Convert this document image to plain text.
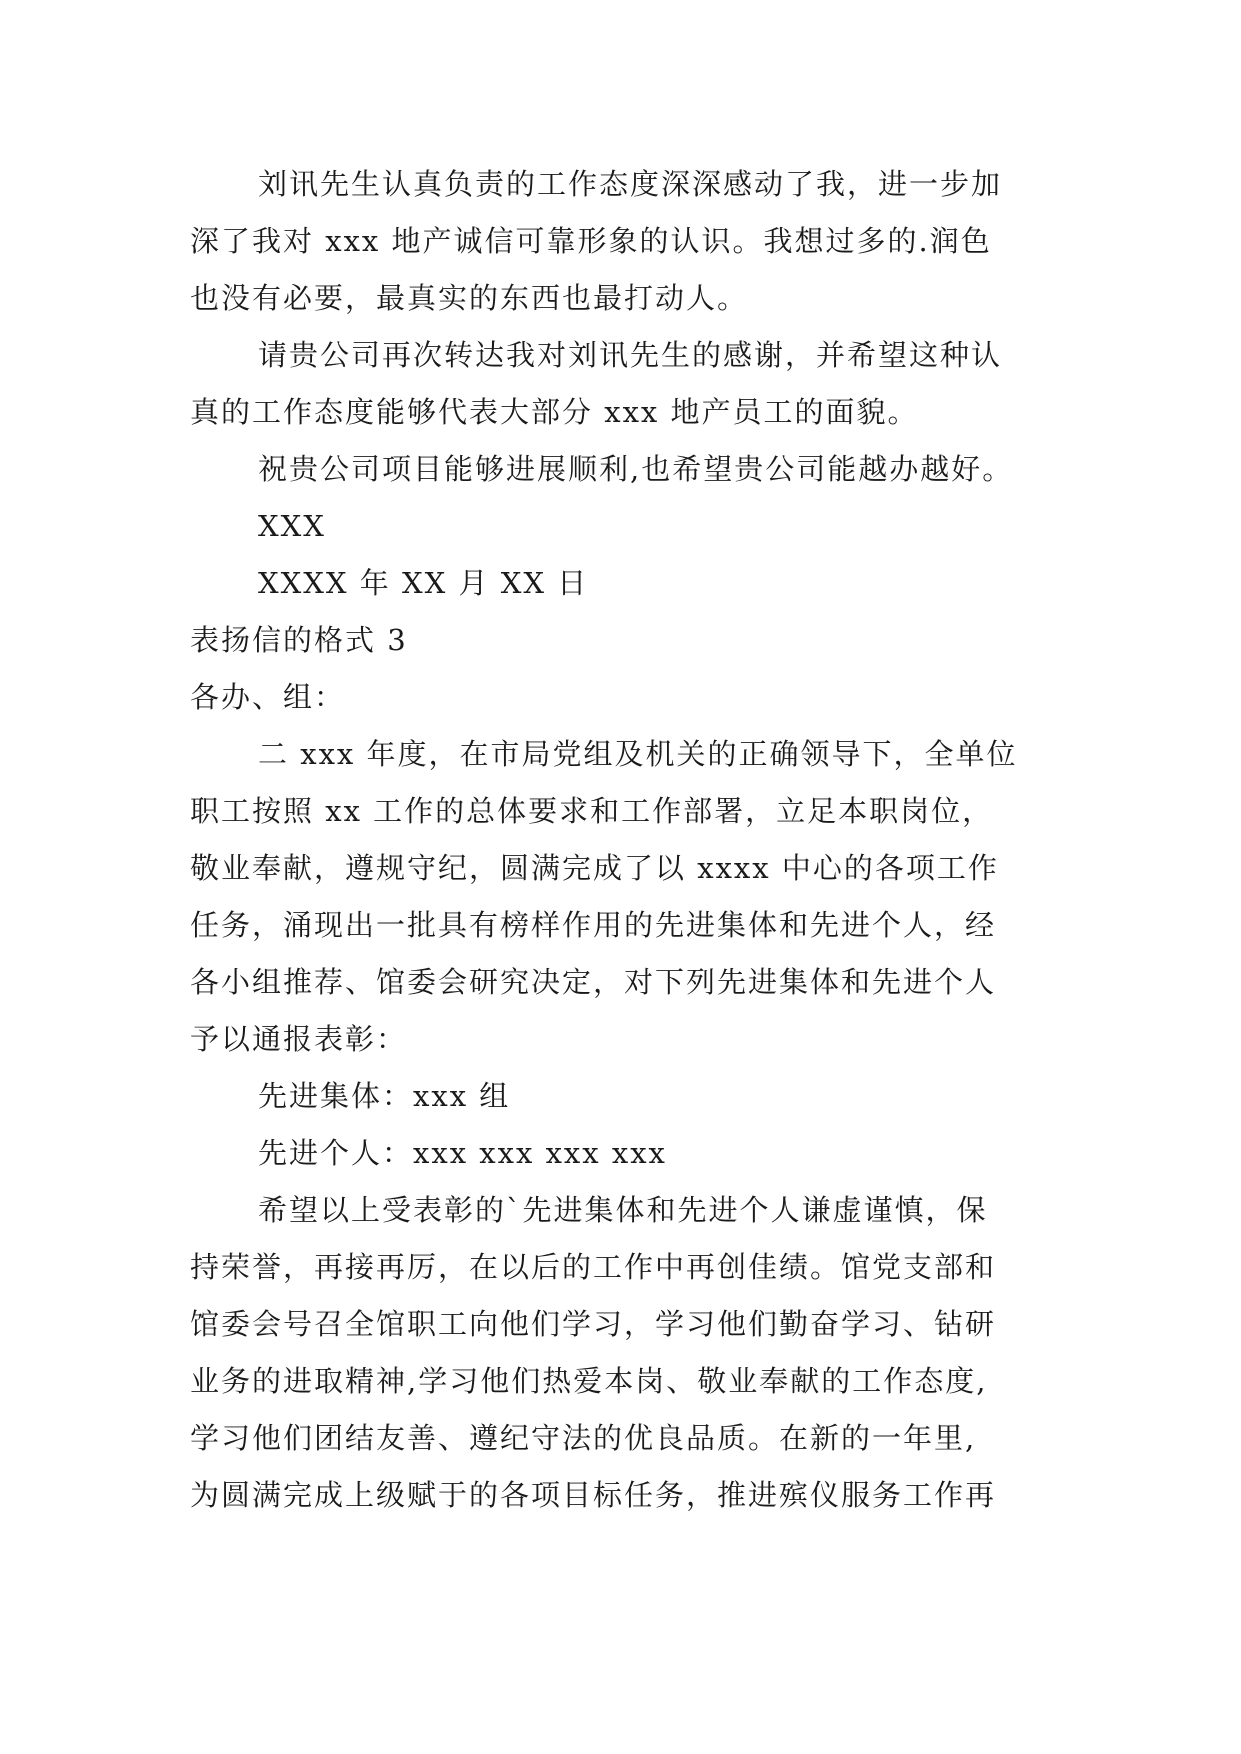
刘讯先生认真负责的工作态度深深感动了我，进一步加
深了我对 xxx 地产诚信可靠形象的认识。我想过多的.润色
也没有必要，最真实的东西也最打动人。
请贵公司再次转达我对刘讯先生的感谢，并希望这种认
真的工作态度能够代表大部分 xxx 地产员工的面貌。
祝贵公司项目能够进展顺利,也希望贵公司能越办越好。
XXX
XXXX 年 XX 月 XX 日
表扬信的格式 3
各办、组：
二 xxx 年度，在市局党组及机关的正确领导下，全单位
职工按照 xx 工作的总体要求和工作部署，立足本职岗位，
敬业奉献，遵规守纪，圆满完成了以 xxxx 中心的各项工作
任务，涌现出一批具有榜样作用的先进集体和先进个人，经
各小组推荐、馆委会研究决定，对下列先进集体和先进个人
予以通报表彰：
先进集体：xxx 组
先进个人：xxx xxx xxx xxx
希望以上受表彰的`先进集体和先进个人谦虚谨慎，保
持荣誉，再接再厉，在以后的工作中再创佳绩。馆党支部和
馆委会号召全馆职工向他们学习，学习他们勤奋学习、钻研
业务的进取精神,学习他们热爱本岗、敬业奉献的工作态度,
学习他们团结友善、遵纪守法的优良品质。在新的一年里,
为圆满完成上级赋于的各项目标任务，推进殡仪服务工作再
